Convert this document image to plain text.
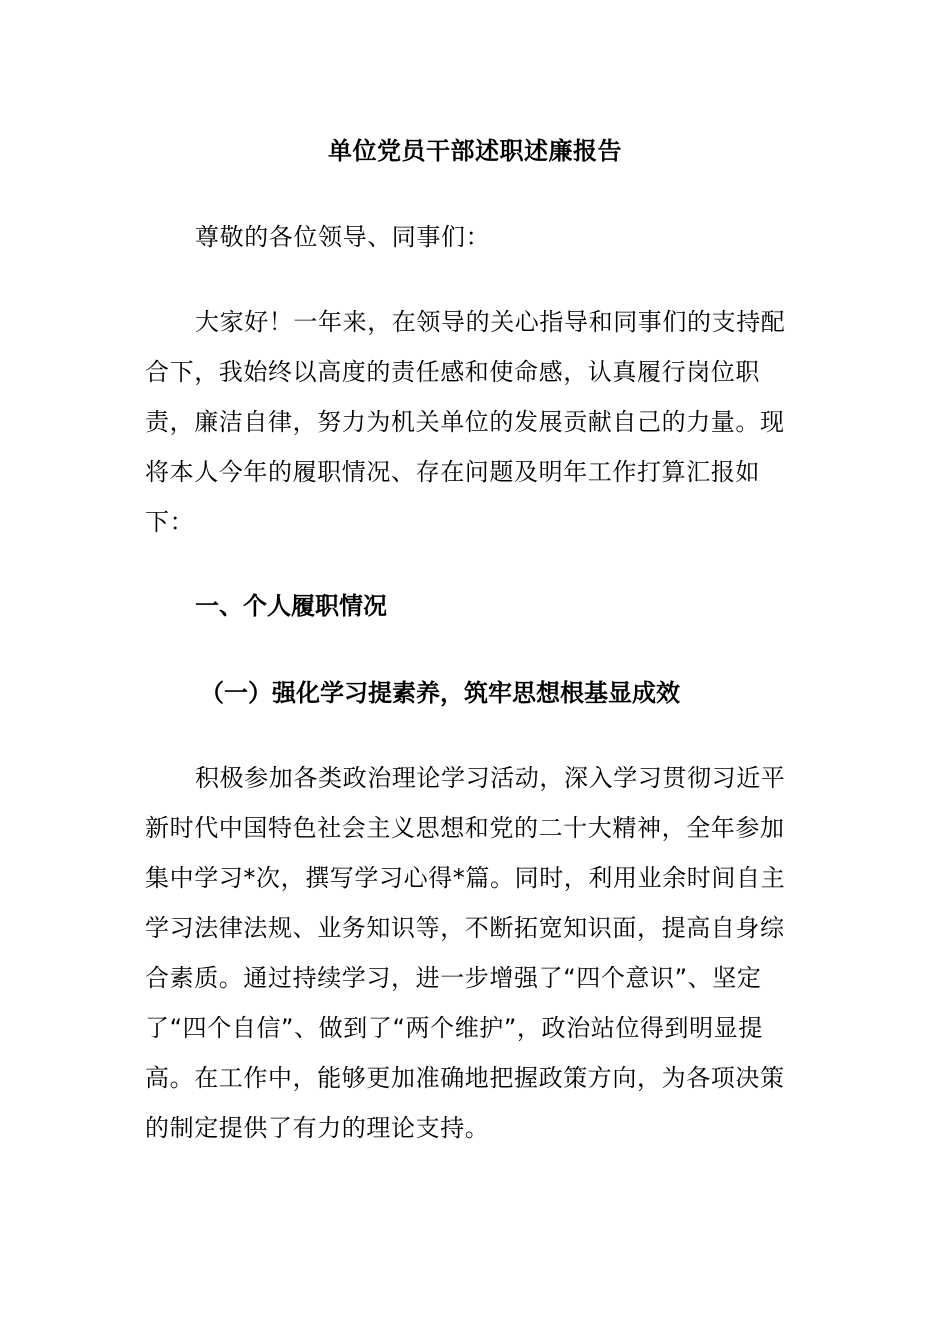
单位党员干部述职述廉报告

尊敬的各位领导、同事们：

大家好！一年来，在领导的关心指导和同事们的支持配合下，我始终以高度的责任感和使命感，认真履行岗位职责，廉洁自律，努力为机关单位的发展贡献自己的力量。现将本人今年的履职情况、存在问题及明年工作打算汇报如下：

一、个人履职情况
（一）强化学习提素养，筑牢思想根基显成效

积极参加各类政治理论学习活动，深入学习贯彻习近平新时代中国特色社会主义思想和党的二十大精神，全年参加集中学习*次，撰写学习心得*篇。同时，利用业余时间自主学习法律法规、业务知识等，不断拓宽知识面，提高自身综合素质。通过持续学习，进一步增强了“四个意识”、坚定了“四个自信”、做到了“两个维护”，政治站位得到明显提高。在工作中，能够更加准确地把握政策方向，为各项决策的制定提供了有力的理论支持。
